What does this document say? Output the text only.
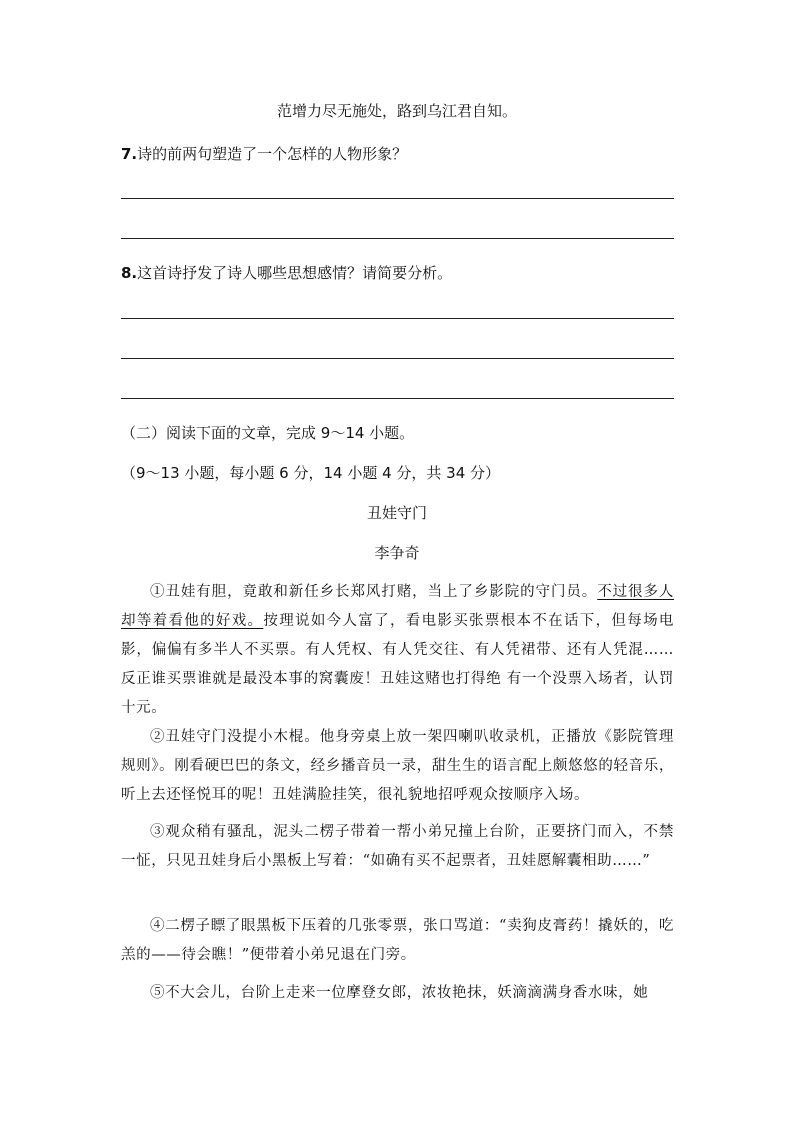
范增力尽无施处，路到乌江君自知。
7.诗的前两句塑造了一个怎样的人物形象？
8.这首诗抒发了诗人哪些思想感情？请简要分析。
（二）阅读下面的文章，完成 9～14 小题。
（9～13 小题，每小题 6 分，14 小题 4 分，共 34 分）
丑娃守门
李争奇

①丑娃有胆，竟敢和新任乡长郑风打赌，当上了乡影院的守门员。不过很多人却等着看他的好戏。按理说如今人富了，看电影买张票根本不在话下，但每场电影，偏偏有多半人不买票。有人凭权、有人凭交往、有人凭裙带、还有人凭混……反正谁买票谁就是最没本事的窝囊废！丑娃这赌也打得绝 有一个没票入场者，认罚十元。

②丑娃守门没提小木棍。他身旁桌上放一架四喇叭收录机，正播放《影院管理规则》。刚看硬巴巴的条文，经乡播音员一录，甜生生的语言配上颇悠悠的轻音乐，听上去还怪悦耳的呢！丑娃满脸挂笑，很礼貌地招呼观众按顺序入场。

③观众稍有骚乱，泥头二楞子带着一帮小弟兄撞上台阶，正要挤门而入，不禁一怔，只见丑娃身后小黑板上写着：“如确有买不起票者，丑娃愿解囊相助……”

④二楞子瞟了眼黑板下压着的几张零票，张口骂道：“卖狗皮膏药！撬妖的，吃羔的——待会瞧！”便带着小弟兄退在门旁。

⑤不大会儿，台阶上走来一位摩登女郎，浓妆艳抹，妖滴滴满身香水味，她
